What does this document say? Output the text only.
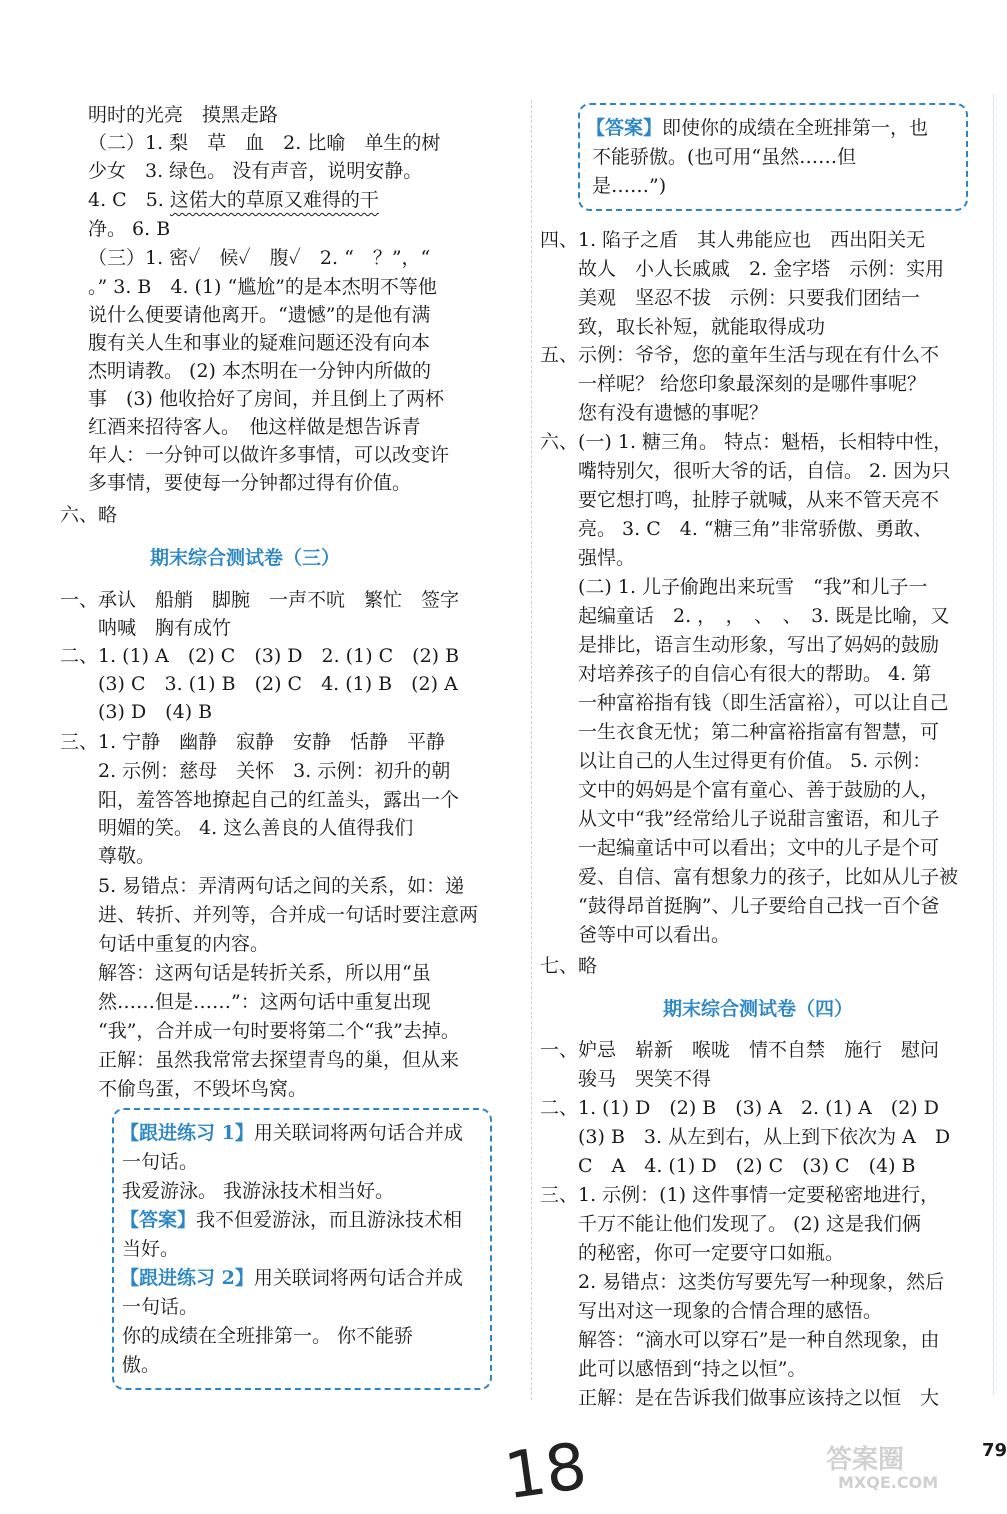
明时的光亮　摸黑走路
（二）1. 梨　草　血　2. 比喻　单生的树
少女　3. 绿色。 没有声音，说明安静。
4. C　5. 这偌大的草原又难得的干
净。 6. B
（三）1. 密✓　候✓　腹✓　2. “　？”，“
。” 3. B　4. (1) “尴尬”的是本杰明不等他
说什么便要请他离开。“遗憾”的是他有满
腹有关人生和事业的疑难问题还没有向本
杰明请教。 (2) 本杰明在一分钟内所做的
事　(3) 他收拾好了房间，并且倒上了两杯
红酒来招待客人。　他这样做是想告诉青
年人：一分钟可以做许多事情，可以改变许
多事情，要使每一分钟都过得有价值。
六、略
期末综合测试卷（三）
一、承认　船艄　脚腕　一声不吭　繁忙　签字
　　呐喊　胸有成竹
二、1. (1) A　(2) C　(3) D　2. (1) C　(2) B
　　(3) C　3. (1) B　(2) C　4. (1) B　(2) A
　　(3) D　(4) B
三、1. 宁静　幽静　寂静　安静　恬静　平静
　　2. 示例：慈母　关怀　3. 示例：初升的朝
　　阳，羞答答地撩起自己的红盖头，露出一个
　　明媚的笑。 4. 这么善良的人值得我们
　　尊敬。
　　5. 易错点：弄清两句话之间的关系，如：递
　　进、转折、并列等，合并成一句话时要注意两
　　句话中重复的内容。
　　解答：这两句话是转折关系，所以用“虽
　　然……但是……”：这两句话中重复出现
　　“我”，合并成一句时要将第二个“我”去掉。
　　正解：虽然我常常去探望青鸟的巢，但从来
　　不偷鸟蛋，不毁坏鸟窝。
【跟进练习 1】用关联词将两句话合并成
一句话。
我爱游泳。 我游泳技术相当好。
【答案】我不但爱游泳，而且游泳技术相
当好。
【跟进练习 2】用关联词将两句话合并成
一句话。
你的成绩在全班排第一。 你不能骄
傲。
【答案】即使你的成绩在全班排第一，也
不能骄傲。(也可用“虽然……但
是……”)
四、1. 陷子之盾　其人弗能应也　西出阳关无
　　故人　小人长戚戚　2. 金字塔　示例：实用
　　美观　坚忍不拔　示例：只要我们团结一
　　致，取长补短，就能取得成功
五、示例：爷爷，您的童年生活与现在有什么不
　　一样呢？ 给您印象最深刻的是哪件事呢？
　　您有没有遗憾的事呢？
六、(一) 1. 糖三角。 特点：魁梧，长相特中性，
　　嘴特别欠，很听大爷的话，自信。 2. 因为只
　　要它想打鸣，扯脖子就喊，从来不管天亮不
　　亮。 3. C　4. “糖三角”非常骄傲、勇敢、
　　强悍。
　　(二) 1. 儿子偷跑出来玩雪　“我”和儿子一
　　起编童话　2. ，　，　、　、　3. 既是比喻，又
　　是排比，语言生动形象，写出了妈妈的鼓励
　　对培养孩子的自信心有很大的帮助。 4. 第
　　一种富裕指有钱（即生活富裕），可以让自己
　　一生衣食无忧；第二种富裕指富有智慧，可
　　以让自己的人生过得更有价值。 5. 示例：
　　文中的妈妈是个富有童心、善于鼓励的人，
　　从文中“我”经常给儿子说甜言蜜语，和儿子
　　一起编童话中可以看出；文中的儿子是个可
　　爱、自信、富有想象力的孩子，比如从儿子被
　　“鼓得昂首挺胸”、儿子要给自己找一百个爸
　　爸等中可以看出。
七、略
期末综合测试卷（四）
一、妒忌　崭新　喉咙　情不自禁　施行　慰问
　　骏马　哭笑不得
二、1. (1) D　(2) B　(3) A　2. (1) A　(2) D
　　(3) B　3. 从左到右，从上到下依次为 A　D
　　C　A　4. (1) D　(2) C　(3) C　(4) B
三、1. 示例：(1) 这件事情一定要秘密地进行，
　　千万不能让他们发现了。 (2) 这是我们俩
　　的秘密，你可一定要守口如瓶。
　　2. 易错点：这类仿写要先写一种现象，然后
　　写出对这一现象的合情合理的感悟。
　　解答：“滴水可以穿石”是一种自然现象，由
　　此可以感悟到“持之以恒”。
　　正解：是在告诉我们做事应该持之以恒　大
18	答案圈
MXQE.COM
79
